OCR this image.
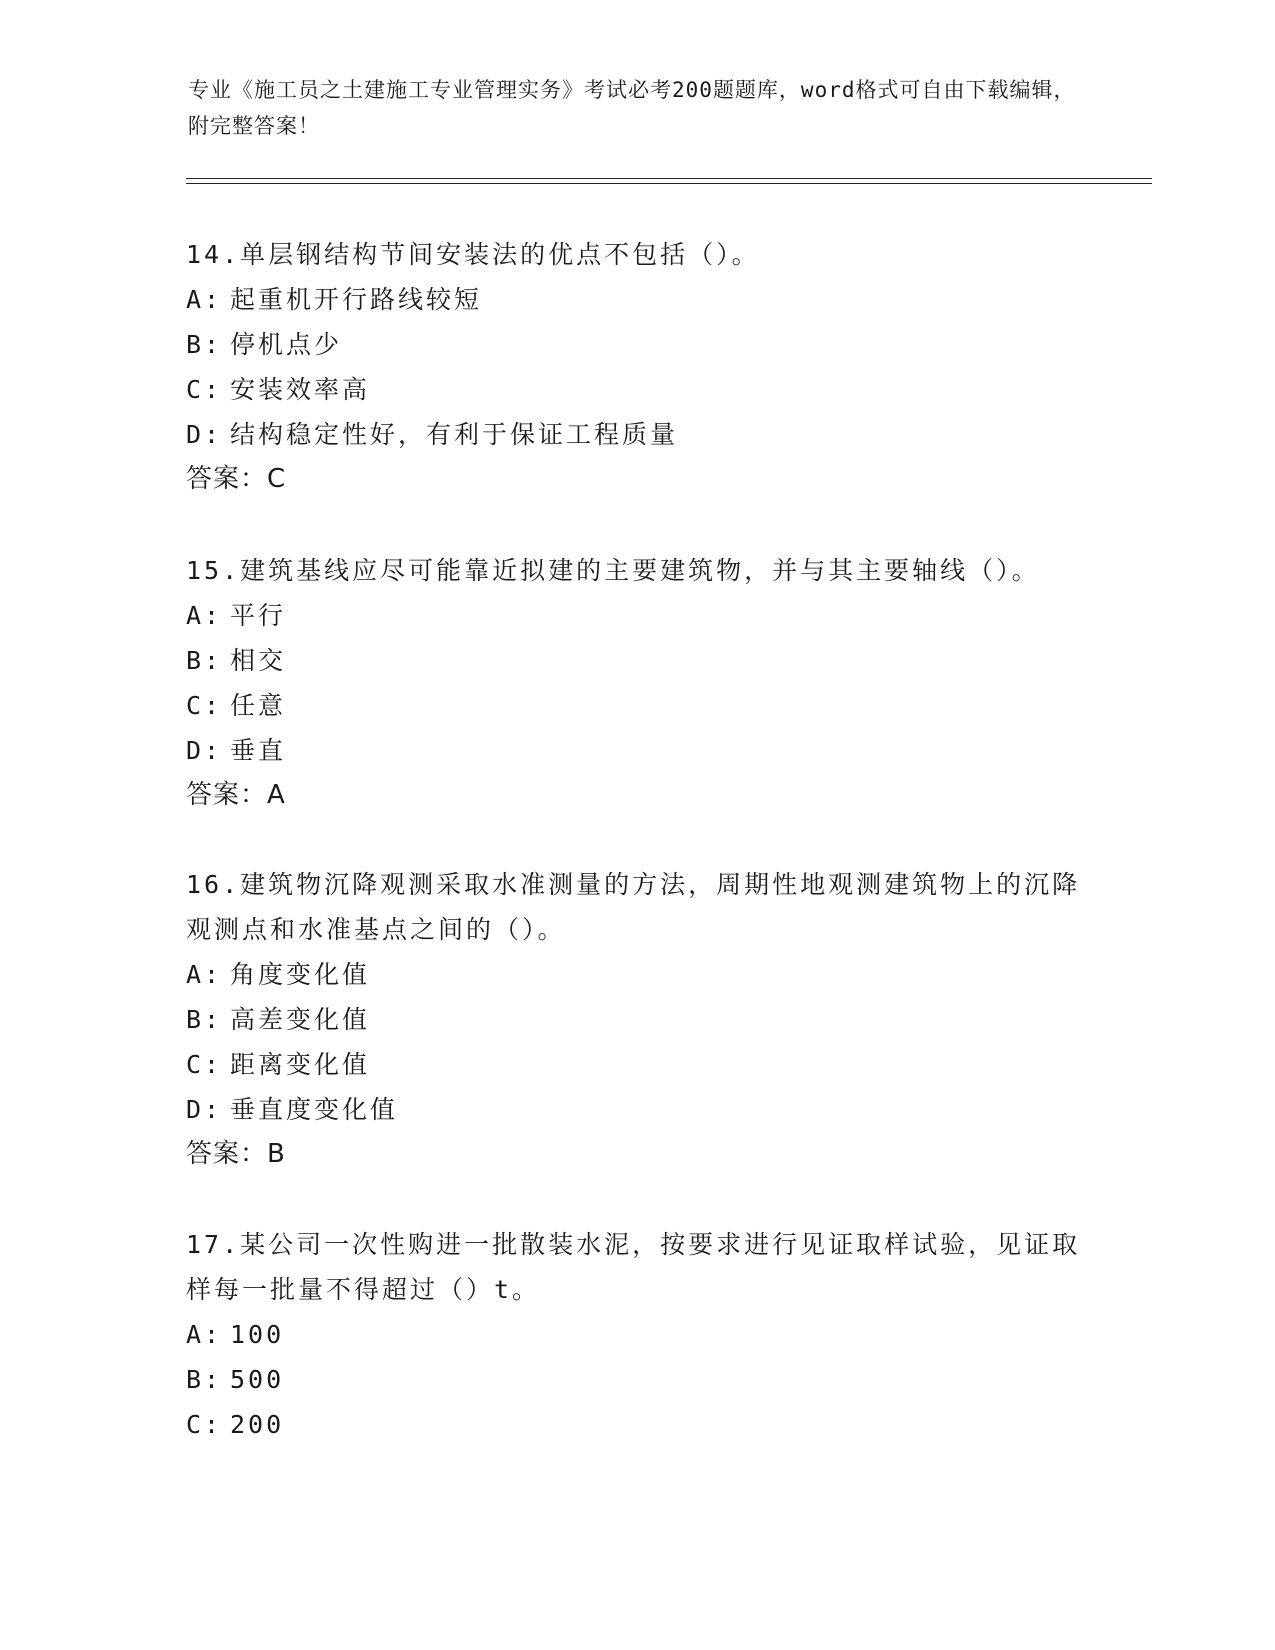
专业《施工员之土建施工专业管理实务》考试必考200题题库，word格式可自由下载编辑，附完整答案！
14.单层钢结构节间安装法的优点不包括（）。
A: 起重机开行路线较短
B: 停机点少
C: 安装效率高
D: 结构稳定性好，有利于保证工程质量
答案：C
15.建筑基线应尽可能靠近拟建的主要建筑物，并与其主要轴线（）。
A: 平行
B: 相交
C: 任意
D: 垂直
答案：A
16.建筑物沉降观测采取水准测量的方法，周期性地观测建筑物上的沉降观测点和水准基点之间的（）。
A: 角度变化值
B: 高差变化值
C: 距离变化值
D: 垂直度变化值
答案：B
17.某公司一次性购进一批散装水泥，按要求进行见证取样试验，见证取样每一批量不得超过（）t。
A: 100
B: 500
C: 200
